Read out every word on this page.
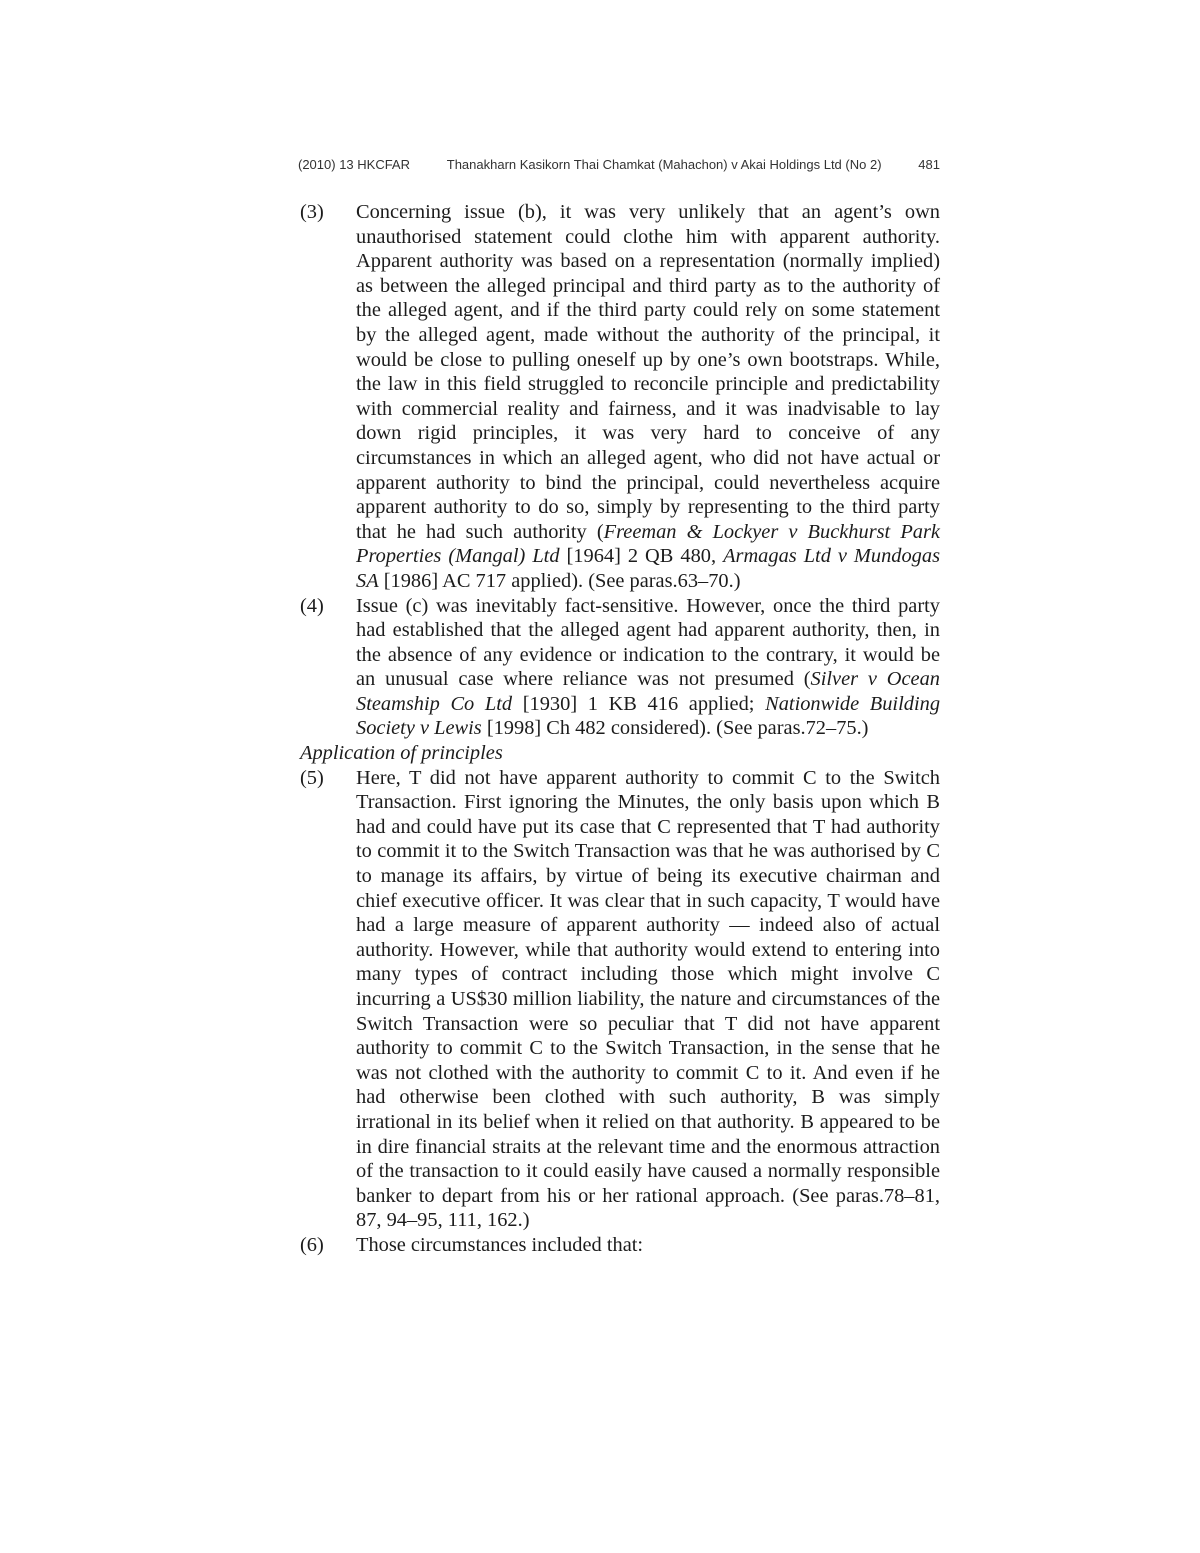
(2010) 13 HKCFAR	Thanakharn Kasikorn Thai Chamkat (Mahachon) v Akai Holdings Ltd (No 2)	481
(3)	Concerning issue (b), it was very unlikely that an agent’s own unauthorised statement could clothe him with apparent authority. Apparent authority was based on a representation (normally implied) as between the alleged principal and third party as to the authority of the alleged agent, and if the third party could rely on some statement by the alleged agent, made without the authority of the principal, it would be close to pulling oneself up by one’s own bootstraps. While, the law in this field struggled to reconcile principle and predictability with commercial reality and fairness, and it was inadvisable to lay down rigid principles, it was very hard to conceive of any circumstances in which an alleged agent, who did not have actual or apparent authority to bind the principal, could nevertheless acquire apparent authority to do so, simply by representing to the third party that he had such authority (Freeman & Lockyer v Buckhurst Park Properties (Mangal) Ltd [1964] 2 QB 480, Armagas Ltd v Mundogas SA [1986] AC 717 applied). (See paras.63–70.)
(4)	Issue (c) was inevitably fact-sensitive. However, once the third party had established that the alleged agent had apparent authority, then, in the absence of any evidence or indication to the contrary, it would be an unusual case where reliance was not presumed (Silver v Ocean Steamship Co Ltd [1930] 1 KB 416 applied; Nationwide Building Society v Lewis [1998] Ch 482 considered). (See paras.72–75.)
Application of principles
(5)	Here, T did not have apparent authority to commit C to the Switch Transaction. First ignoring the Minutes, the only basis upon which B had and could have put its case that C represented that T had authority to commit it to the Switch Transaction was that he was authorised by C to manage its affairs, by virtue of being its executive chairman and chief executive officer. It was clear that in such capacity, T would have had a large measure of apparent authority — indeed also of actual authority. However, while that authority would extend to entering into many types of contract including those which might involve C incurring a US$30 million liability, the nature and circumstances of the Switch Transaction were so peculiar that T did not have apparent authority to commit C to the Switch Transaction, in the sense that he was not clothed with the authority to commit C to it. And even if he had otherwise been clothed with such authority, B was simply irrational in its belief when it relied on that authority. B appeared to be in dire financial straits at the relevant time and the enormous attraction of the transaction to it could easily have caused a normally responsible banker to depart from his or her rational approach. (See paras.78–81, 87, 94–95, 111, 162.)
(6)	Those circumstances included that:
